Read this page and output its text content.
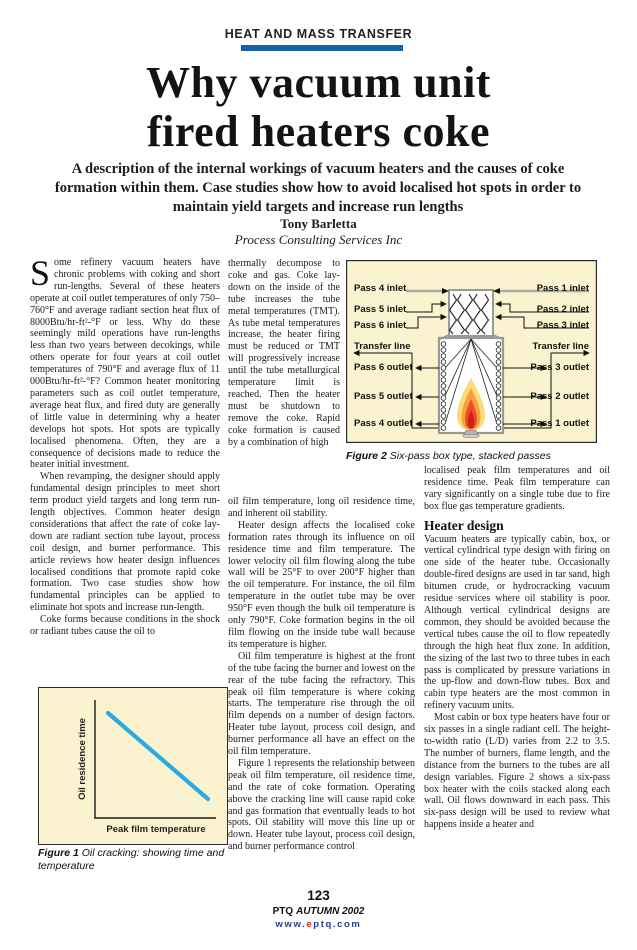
HEAT AND MASS TRANSFER
Why vacuum unit
fired heaters coke
A description of the internal workings of vacuum heaters and the causes of coke formation within them. Case studies show how to avoid localised hot spots in order to maintain yield targets and increase run lengths
Tony Barletta
Process Consulting Services Inc

Some refinery vacuum heaters have chronic problems with coking and short run-lengths. Several of these heaters operate at coil outlet temperatures of only 750–760°F and average radiant section heat flux of 8000Btu/hr-ft²-°F or less. Why do these seemingly mild operations have run-lengths less than two years between decokings, while others operate for four years at coil outlet temperatures of 790°F and average flux of 11 000Btu/hr-ft²-°F? Common heater monitoring parameters such as coil outlet temperature, average heat flux, and fired duty are generally of little value in determining why a heater develops hot spots. Hot spots are typically localised phenomena. Often, they are a consequence of decisions made to reduce the heater initial investment.

When revamping, the designer should apply fundamental design principles to meet short term product yield targets and long term run-length objectives. Common heater design considerations that affect the rate of coke lay-down are radiant section tube layout, process coil design, and burner performance. This article reviews how heater design influences localised conditions that promote rapid coke formation. Two case studies show how fundamental principles can be applied to eliminate hot spots and increase run-length.

Coke forms because conditions in the shock or radiant tubes cause the oil to

thermally decompose to coke and gas. Coke lay-down on the inside of the tube increases the tube metal temperatures (TMT). As tube metal temperatures increase, the heater firing must be reduced or TMT will progressively increase until the tube metallurgical temperature limit is reached. Then the heater must be shutdown to remove the coke. Rapid coke formation is caused by a combination of high

oil film temperature, long oil residence time, and inherent oil stability.

Heater design affects the localised coke formation rates through its influence on oil residence time and film temperature. The lower velocity oil film flowing along the tube wall will be 25°F to over 200°F higher than the oil temperature. For instance, the oil film temperature in the outlet tube may be over 950°F even though the bulk oil temperature is only 790°F. Coke formation begins in the oil film flowing on the inside tube wall because its temperature is higher.

Oil film temperature is highest at the front of the tube facing the burner and lowest on the rear of the tube facing the refractory. This peak oil film temperature is where coking starts. The temperature rise through the oil film depends on a number of design factors. Heater tube layout, process coil design, and burner performance all have an effect on the oil film temperature.

Figure 1 represents the relationship between peak oil film temperature, oil residence time, and the rate of coke formation. Operating above the cracking line will cause rapid coke and gas formation that eventually leads to hot spots. Oil stability will move this line up or down. Heater tube layout, process coil design, and burner performance control

localised peak film temperatures and oil residence time. Peak film temperature can vary significantly on a single tube due to fire box flue gas temperature gradients.

Heater design

Vacuum heaters are typically cabin, box, or vertical cylindrical type design with firing on one side of the heater tube. Occasionally double-fired designs are used in tar sand, high bitumen crude, or hydrocracking vacuum residue services where oil stability is poor. Although vertical cylindrical designs are common, they should be avoided because the vertical tubes cause the oil to flow repeatedly through the high heat flux zone. In addition, the sizing of the last two to three tubes in each pass is complicated by pressure variations in the up-flow and down-flow tubes. Box and cabin type heaters are the most common in refinery vacuum units.

Most cabin or box type heaters have four or six passes in a single radiant cell. The height-to-width ratio (L/D) varies from 2.2 to 3.5. The number of burners, flame length, and the distance from the burners to the tubes are all design variables. Figure 2 shows a six-pass box heater with the coils stacked along each wall. Oil flows downward in each pass. This six-pass design will be used to review what happens inside a heater and

Oil residence time
Peak film temperature
Figure 1 Oil cracking: showing time and temperature
Pass 4 inlet
Pass 5 inlet
Pass 6 inlet
Transfer line
Pass 6 outlet
Pass 5 outlet
Pass 4 outlet
Pass 1 inlet
Pass 2 inlet
Pass 3 inlet
Transfer line
Pass 3 outlet
Pass 2 outlet
Pass 1 outlet
Figure 2 Six-pass box type, stacked passes
123
PTQ AUTUMN 2002
www.eptq.com
